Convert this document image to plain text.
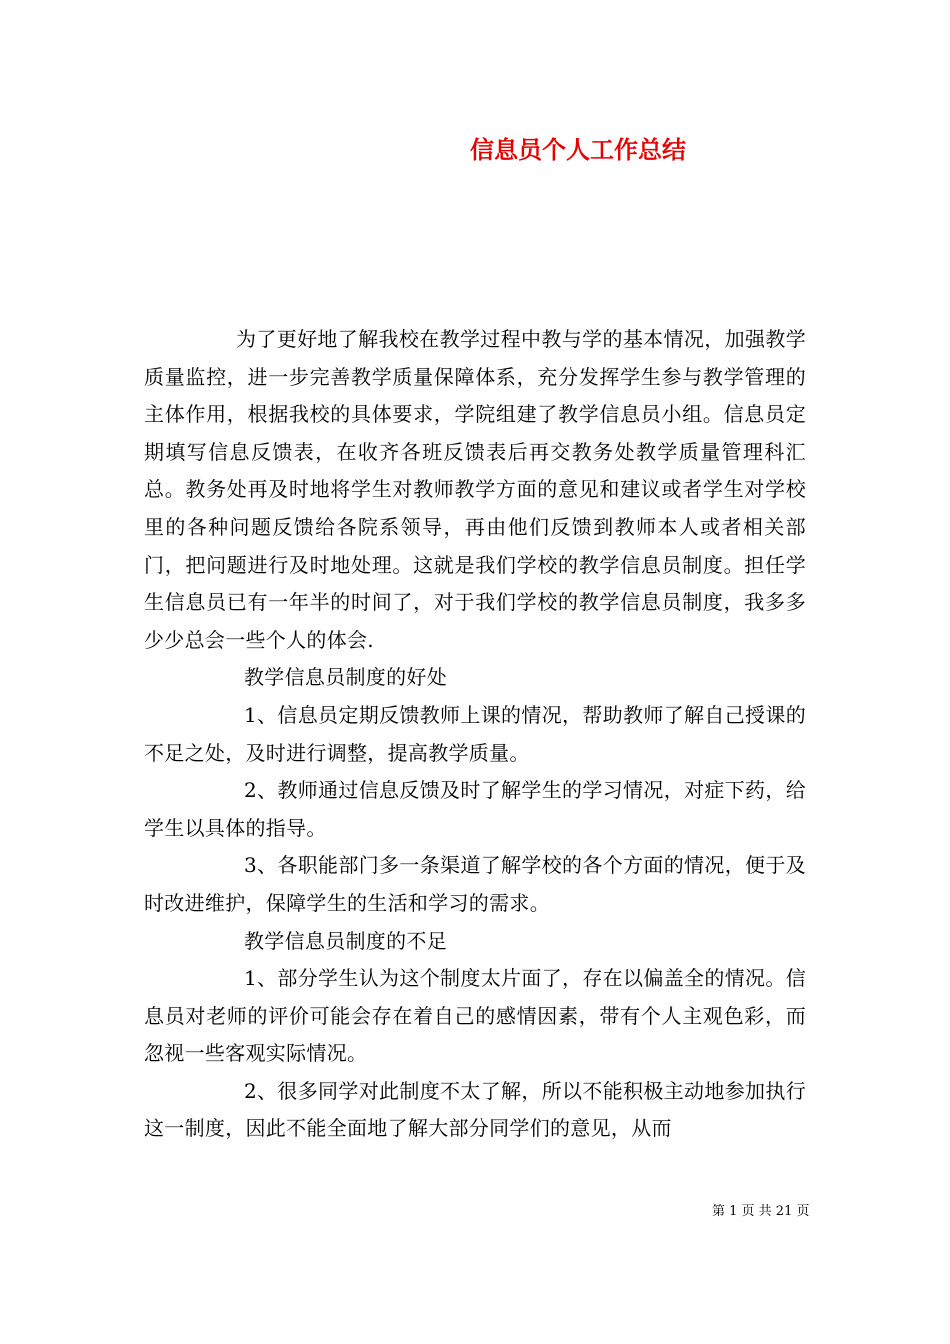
信息员个人工作总结

为了更好地了解我校在教学过程中教与学的基本情况，加强教学质量监控，进一步完善教学质量保障体系，充分发挥学生参与教学管理的主体作用，根据我校的具体要求，学院组建了教学信息员小组。信息员定期填写信息反馈表，在收齐各班反馈表后再交教务处教学质量管理科汇总。教务处再及时地将学生对教师教学方面的意见和建议或者学生对学校里的各种问题反馈给各院系领导，再由他们反馈到教师本人或者相关部门，把问题进行及时地处理。这就是我们学校的教学信息员制度。担任学生信息员已有一年半的时间了，对于我们学校的教学信息员制度，我多多少少总会一些个人的体会.

教学信息员制度的好处

1、信息员定期反馈教师上课的情况，帮助教师了解自己授课的不足之处，及时进行调整，提高教学质量。

2、教师通过信息反馈及时了解学生的学习情况，对症下药，给学生以具体的指导。

3、各职能部门多一条渠道了解学校的各个方面的情况，便于及时改进维护，保障学生的生活和学习的需求。

教学信息员制度的不足

1、部分学生认为这个制度太片面了，存在以偏盖全的情况。信息员对老师的评价可能会存在着自己的感情因素，带有个人主观色彩，而忽视一些客观实际情况。

2、很多同学对此制度不太了解，所以不能积极主动地参加执行这一制度，因此不能全面地了解大部分同学们的意见，从而

第 1 页 共 21 页
